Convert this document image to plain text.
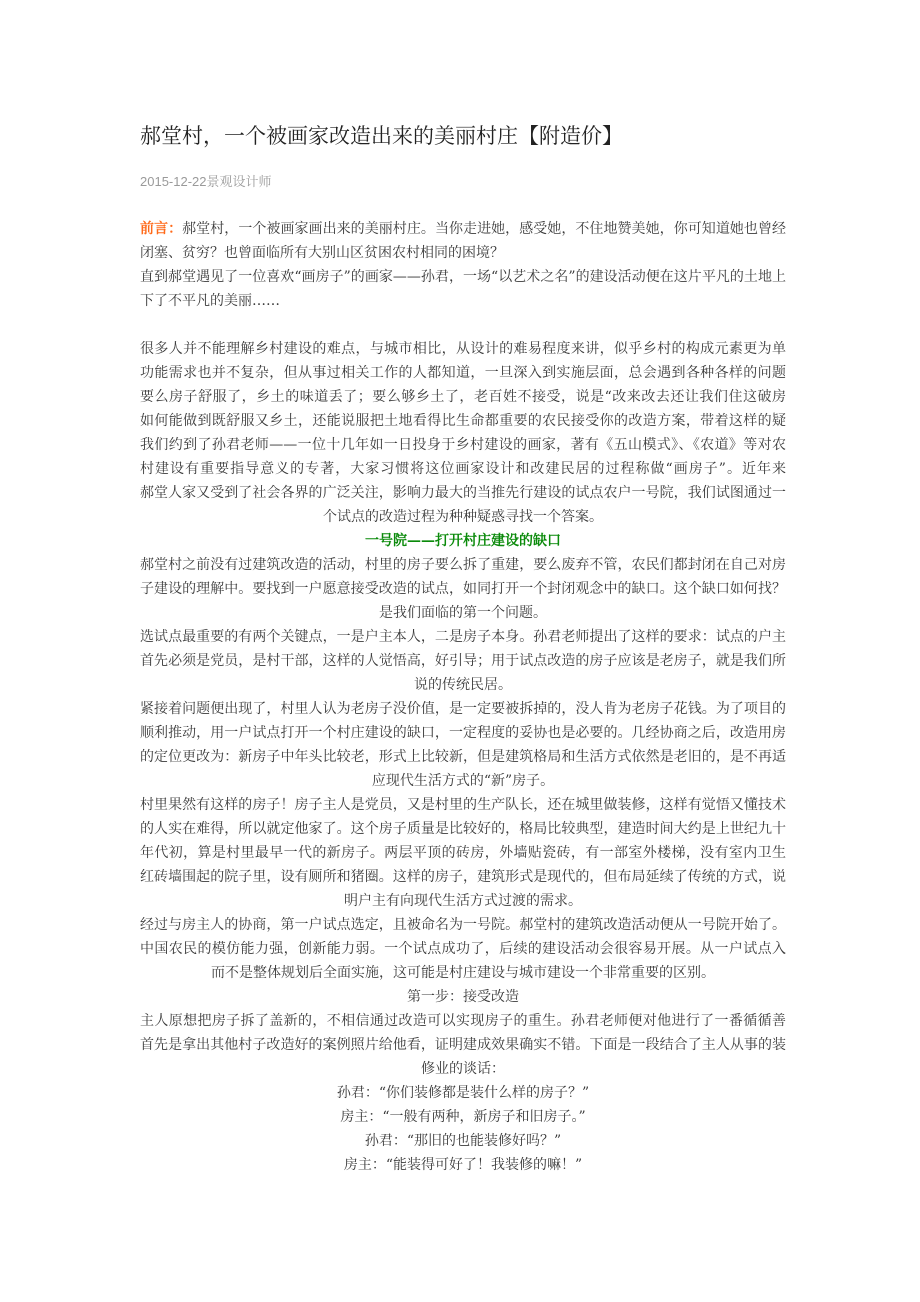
郝堂村，一个被画家改造出来的美丽村庄【附造价】
2015-12-22景观设计师
前言：郝堂村，一个被画家画出来的美丽村庄。当你走进她，感受她，不住地赞美她，你可知道她也曾经
闭塞、贫穷？也曾面临所有大别山区贫困农村相同的困境？
直到郝堂遇见了一位喜欢“画房子”的画家——孙君，一场“以艺术之名”的建设活动便在这片平凡的土地上
下了不平凡的美丽……
很多人并不能理解乡村建设的难点，与城市相比，从设计的难易程度来讲，似乎乡村的构成元素更为单
功能需求也并不复杂，但从事过相关工作的人都知道，一旦深入到实施层面，总会遇到各种各样的问题
要么房子舒服了，乡土的味道丢了；要么够乡土了，老百姓不接受，说是“改来改去还让我们住这破房
如何能做到既舒服又乡土，还能说服把土地看得比生命都重要的农民接受你的改造方案，带着这样的疑
我们约到了孙君老师——一位十几年如一日投身于乡村建设的画家，著有《五山模式》、《农道》等对农
村建设有重要指导意义的专著，大家习惯将这位画家设计和改建民居的过程称做“画房子”。近年来
郝堂人家又受到了社会各界的广泛关注，影响力最大的当推先行建设的试点农户一号院，我们试图通过一
个试点的改造过程为种种疑惑寻找一个答案。
一号院——打开村庄建设的缺口
郝堂村之前没有过建筑改造的活动，村里的房子要么拆了重建，要么废弃不管，农民们都封闭在自己对房
子建设的理解中。要找到一户愿意接受改造的试点，如同打开一个封闭观念中的缺口。这个缺口如何找？
是我们面临的第一个问题。
选试点最重要的有两个关键点，一是户主本人，二是房子本身。孙君老师提出了这样的要求：试点的户主
首先必须是党员，是村干部，这样的人觉悟高，好引导；用于试点改造的房子应该是老房子，就是我们所
说的传统民居。
紧接着问题便出现了，村里人认为老房子没价值，是一定要被拆掉的，没人肯为老房子花钱。为了项目的
顺利推动，用一户试点打开一个村庄建设的缺口，一定程度的妥协也是必要的。几经协商之后，改造用房
的定位更改为：新房子中年头比较老，形式上比较新，但是建筑格局和生活方式依然是老旧的，是不再适
应现代生活方式的“新”房子。
村里果然有这样的房子！房子主人是党员，又是村里的生产队长，还在城里做装修，这样有觉悟又懂技术
的人实在难得，所以就定他家了。这个房子质量是比较好的，格局比较典型，建造时间大约是上世纪九十
年代初，算是村里最早一代的新房子。两层平顶的砖房，外墙贴瓷砖，有一部室外楼梯，没有室内卫生
红砖墙围起的院子里，设有厕所和猪圈。这样的房子，建筑形式是现代的，但布局延续了传统的方式，说
明户主有向现代生活方式过渡的需求。
经过与房主人的协商，第一户试点选定，且被命名为一号院。郝堂村的建筑改造活动便从一号院开始了。
中国农民的模仿能力强，创新能力弱。一个试点成功了，后续的建设活动会很容易开展。从一户试点入
而不是整体规划后全面实施，这可能是村庄建设与城市建设一个非常重要的区别。
第一步：接受改造
主人原想把房子拆了盖新的，不相信通过改造可以实现房子的重生。孙君老师便对他进行了一番循循善
首先是拿出其他村子改造好的案例照片给他看，证明建成效果确实不错。下面是一段结合了主人从事的装
修业的谈话：
孙君：“你们装修都是装什么样的房子？”
房主：“一般有两种，新房子和旧房子。”
孙君：“那旧的也能装修好吗？”
房主：“能装得可好了！我装修的嘛！”
